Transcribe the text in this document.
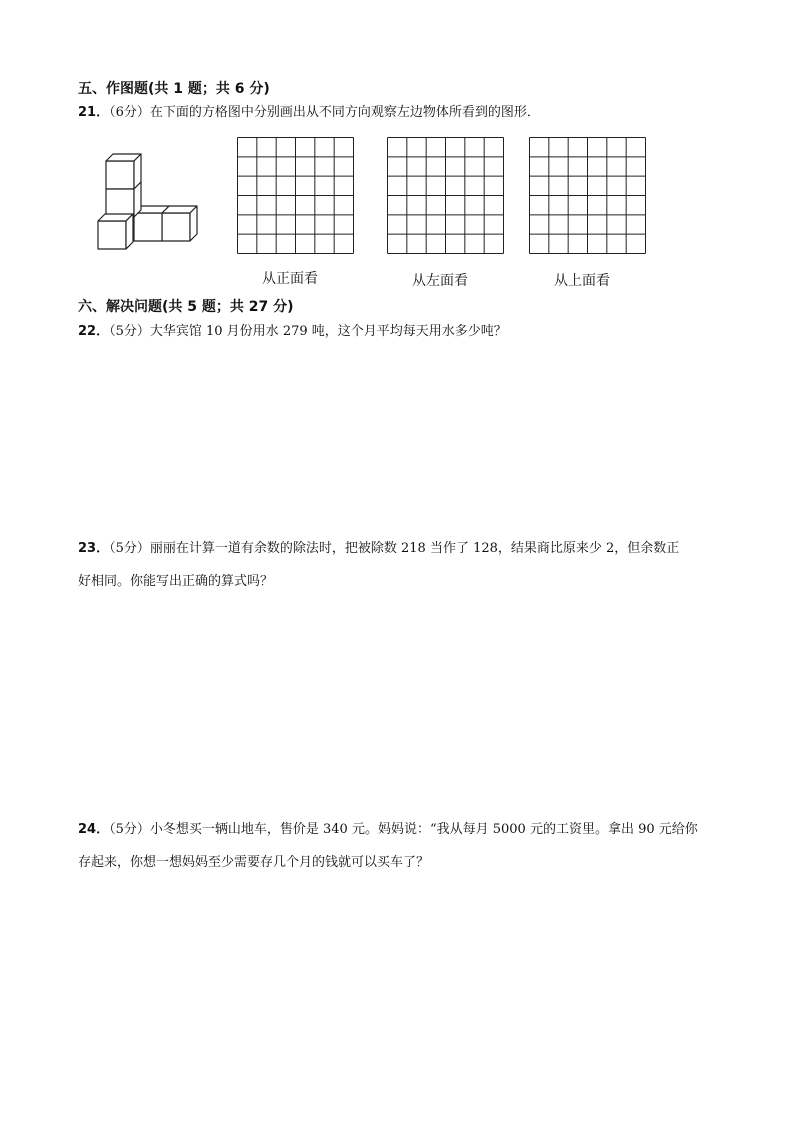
五、作图题(共 1 题；共 6 分)
21．（6分）在下面的方格图中分别画出从不同方向观察左边物体所看到的图形．
从正面看	从左面看	从上面看
六、解决问题(共 5 题；共 27 分)
22．（5分）大华宾馆 10 月份用水 279 吨，这个月平均每天用水多少吨？
23．（5分）丽丽在计算一道有余数的除法时，把被除数 218 当作了 128，结果商比原来少 2，但余数正
好相同。你能写出正确的算式吗？
24．（5分）小冬想买一辆山地车，售价是 340 元。妈妈说：“我从每月 5000 元的工资里。拿出 90 元给你
存起来，你想一想妈妈至少需要存几个月的钱就可以买车了？
